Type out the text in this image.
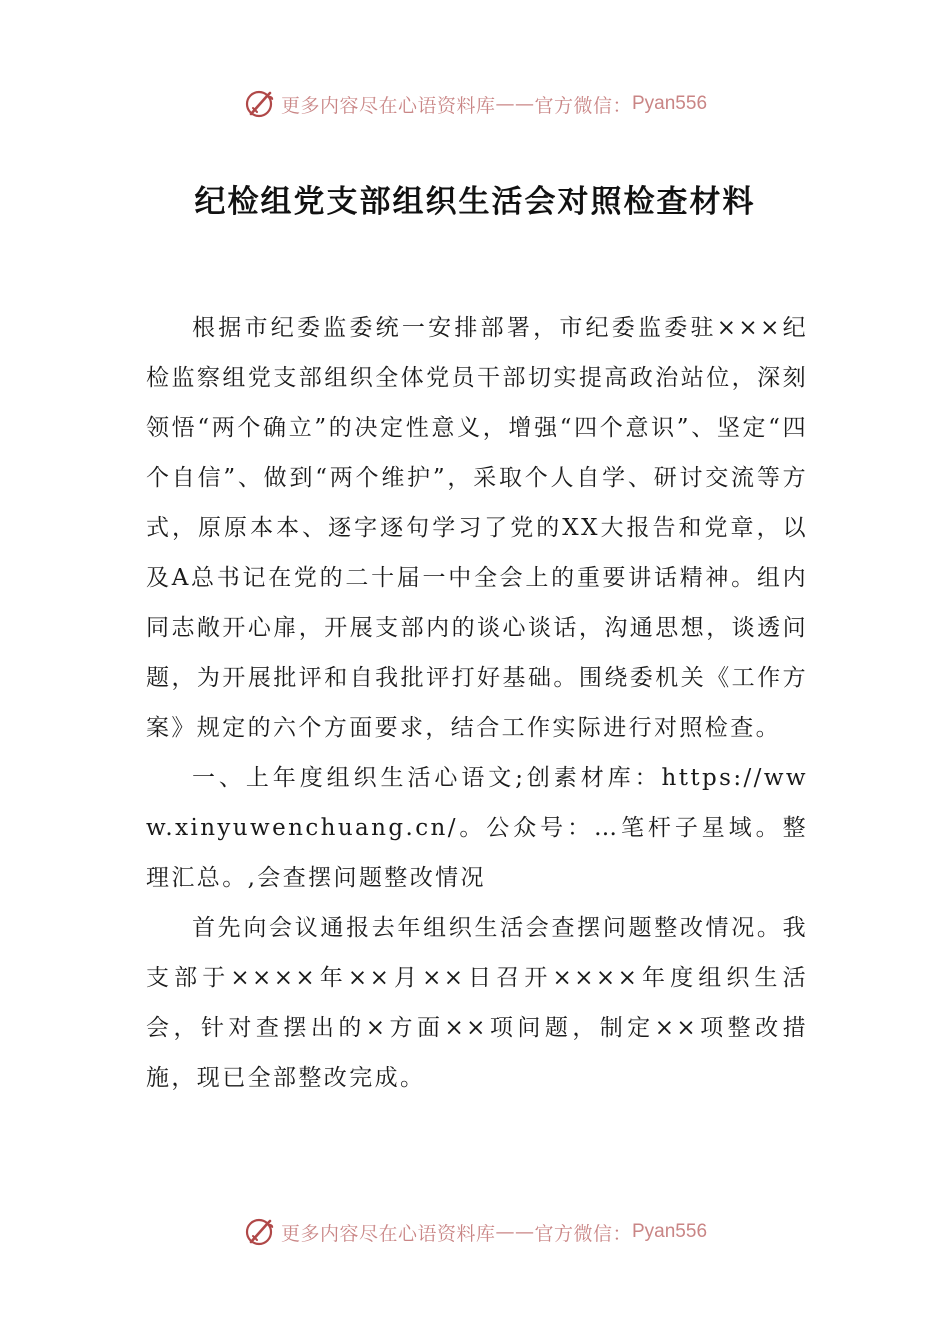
更多内容尽在心语资料库 —— 官方微信： Pyan556
纪检组党支部组织生活会对照检查材料

根据市纪委监委统一安排部署，市纪委监委驻×××纪检监察组党支部组织全体党员干部切实提高政治站位，深刻领悟“两个确立”的决定性意义，增强“四个意识”、坚定“四个自信”、做到“两个维护”，采取个人自学、研讨交流等方式，原原本本、逐字逐句学习了党的XX大报告和党章，以及A总书记在党的二十届一中全会上的重要讲话精神。组内同志敞开心扉，开展支部内的谈心谈话，沟通思想，谈透问题，为开展批评和自我批评打好基础。围绕委机关《工作方案》规定的六个方面要求，结合工作实际进行对照检查。

一、上年度组织生活心语文;创素材库：https://www.xinyuwenchuang.cn/。公众号：…笔杆子星域。整理汇总。,会查摆问题整改情况

首先向会议通报去年组织生活会查摆问题整改情况。我支部于××××年××月××日召开××××年度组织生活会，针对查摆出的×方面××项问题，制定××项整改措施，现已全部整改完成。

更多内容尽在心语资料库 —— 官方微信： Pyan556
